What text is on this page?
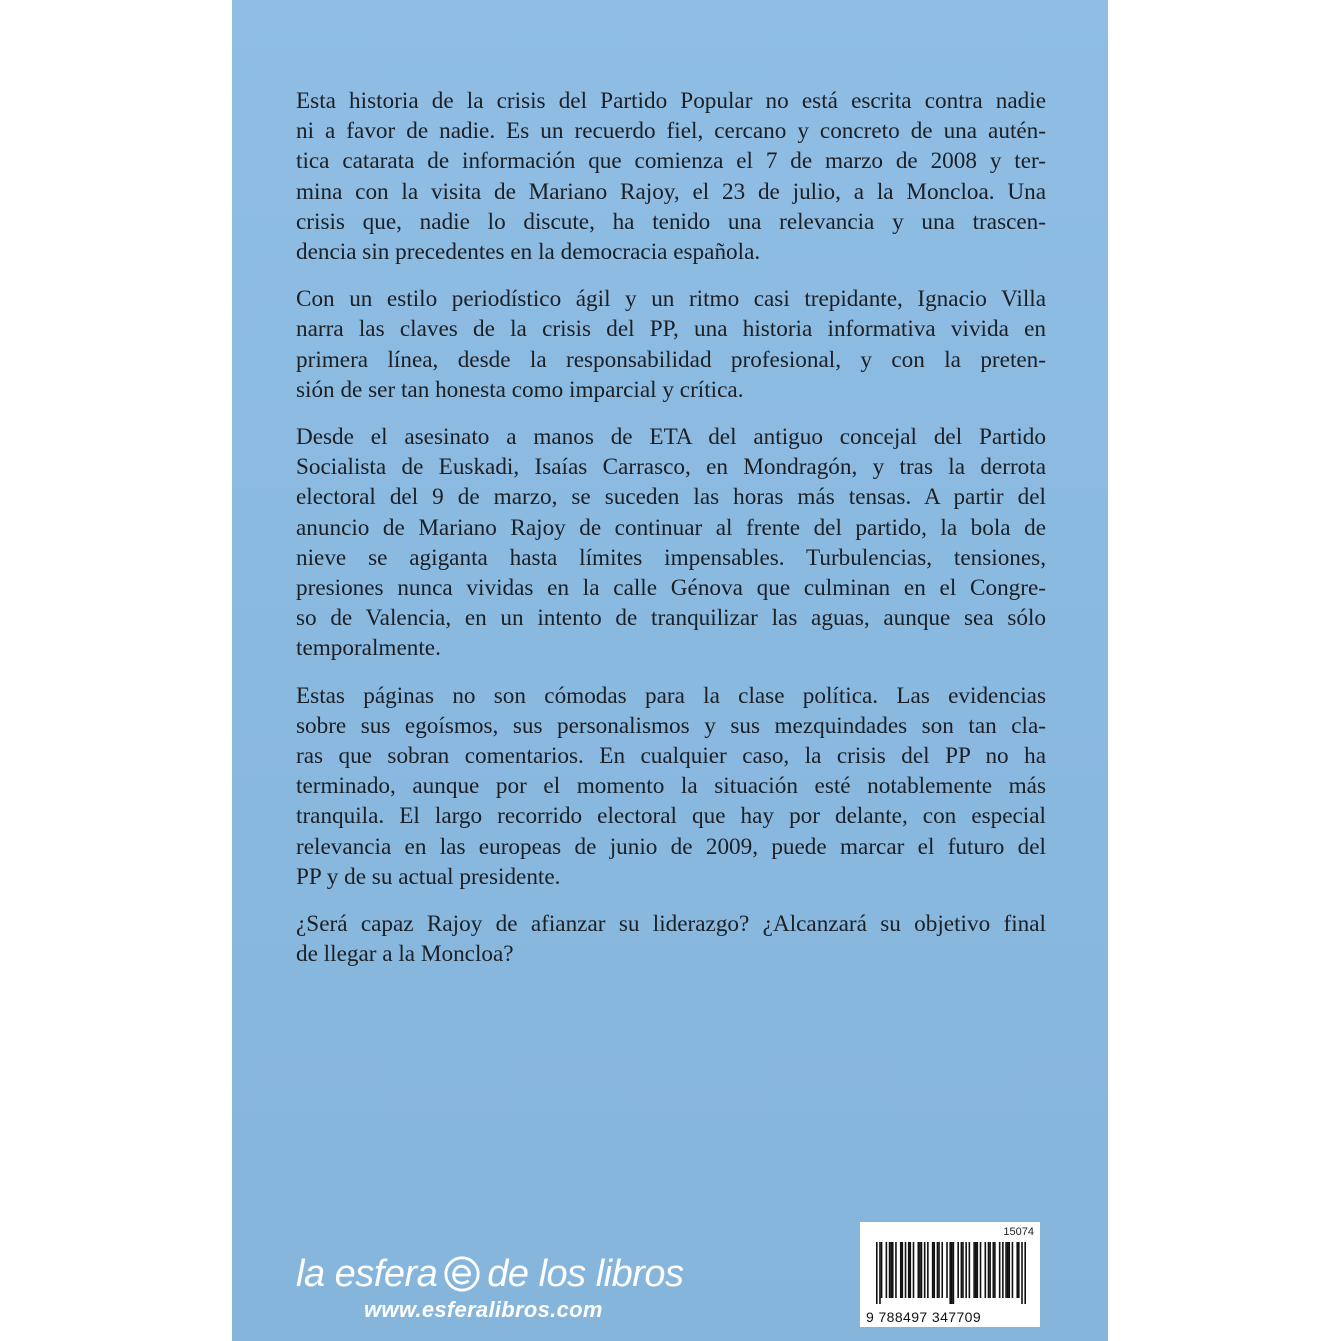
Esta historia de la crisis del Partido Popular no está escrita contra nadie
ni a favor de nadie. Es un recuerdo fiel, cercano y concreto de una autén-
tica catarata de información que comienza el 7 de marzo de 2008 y ter-
mina con la visita de Mariano Rajoy, el 23 de julio, a la Moncloa. Una
crisis que, nadie lo discute, ha tenido una relevancia y una trascen-
dencia sin precedentes en la democracia española.

Con un estilo periodístico ágil y un ritmo casi trepidante, Ignacio Villa
narra las claves de la crisis del PP, una historia informativa vivida en
primera línea, desde la responsabilidad profesional, y con la preten-
sión de ser tan honesta como imparcial y crítica.

Desde el asesinato a manos de ETA del antiguo concejal del Partido
Socialista de Euskadi, Isaías Carrasco, en Mondragón, y tras la derrota
electoral del 9 de marzo, se suceden las horas más tensas. A partir del
anuncio de Mariano Rajoy de continuar al frente del partido, la bola de
nieve se agiganta hasta límites impensables. Turbulencias, tensiones,
presiones nunca vividas en la calle Génova que culminan en el Congre-
so de Valencia, en un intento de tranquilizar las aguas, aunque sea sólo
temporalmente.

Estas páginas no son cómodas para la clase política. Las evidencias
sobre sus egoísmos, sus personalismos y sus mezquindades son tan cla-
ras que sobran comentarios. En cualquier caso, la crisis del PP no ha
terminado, aunque por el momento la situación esté notablemente más
tranquila. El largo recorrido electoral que hay por delante, con especial
relevancia en las europeas de junio de 2009, puede marcar el futuro del
PP y de su actual presidente.

¿Será capaz Rajoy de afianzar su liderazgo? ¿Alcanzará su objetivo final
de llegar a la Moncloa?

la esfera de los libros
www.esferalibros.com
15074
9 788497 347709
